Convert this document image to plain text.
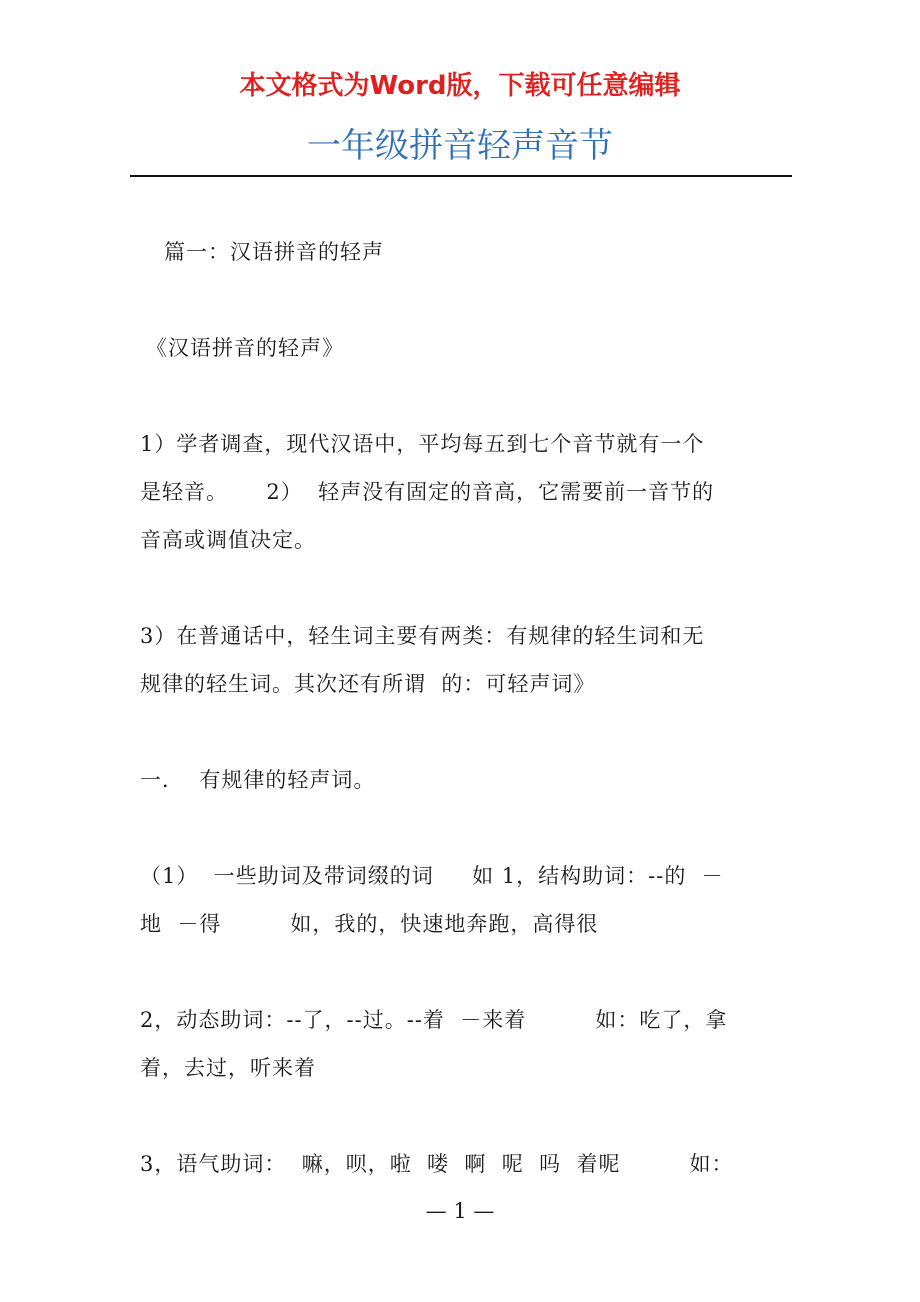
本文格式为Word版，下载可任意编辑
一年级拼音轻声音节
篇一：汉语拼音的轻声
《汉语拼音的轻声》
1）学者调查，现代汉语中，平均每五到七个音节就有一个
是轻音。     2）  轻声没有固定的音高，它需要前一音节的
音高或调值决定。
3）在普通话中，轻生词主要有两类：有规律的轻生词和无
规律的轻生词。其次还有所谓  的：可轻声词》
一．  有规律的轻声词。
（1）  一些助词及带词缀的词     如 1，结构助词：--的  －
地  －得         如，我的，快速地奔跑，高得很
2，动态助词：--了，--过。--着  －来着         如：吃了，拿
着，去过，听来着
3，语气助词：  嘛，呗，啦  喽  啊  呢  吗  着呢         如：
— 1 —
